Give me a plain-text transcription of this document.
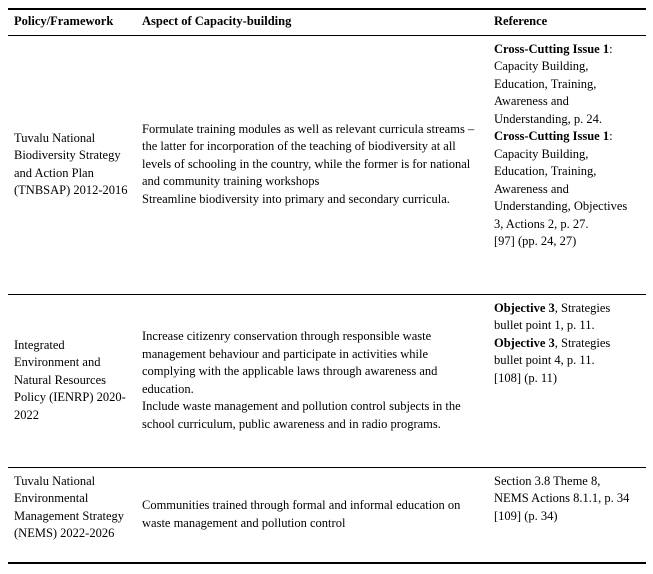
Policy/Framework	Aspect of Capacity-building	Reference

Tuvalu National Biodiversity Strategy and Action Plan (TNBSAP) 2012-2016

Formulate training modules as well as relevant curricula streams – the latter for incorporation of the teaching of biodiversity at all levels of schooling in the country, while the former is for national and community training workshops

Streamline biodiversity into primary and secondary curricula.

Cross-Cutting Issue 1: Capacity Building, Education, Training, Awareness and Understanding, p. 24.

Cross-Cutting Issue 1: Capacity Building, Education, Training, Awareness and Understanding, Objectives 3, Actions 2, p. 27.

[97] (pp. 24, 27)

Integrated Environment and Natural Resources Policy (IENRP) 2020-2022

Increase citizenry conservation through responsible waste management behaviour and participate in activities while complying with the applicable laws through awareness and education.

Include waste management and pollution control subjects in the school curriculum, public awareness and in radio programs.

Objective 3, Strategies bullet point 1, p. 11.

Objective 3, Strategies bullet point 4, p. 11.

[108] (p. 11)

Tuvalu National Environmental Management Strategy (NEMS) 2022-2026

Communities trained through formal and informal education on waste management and pollution control

Section 3.8 Theme 8, NEMS Actions 8.1.1, p. 34

[109] (p. 34)
